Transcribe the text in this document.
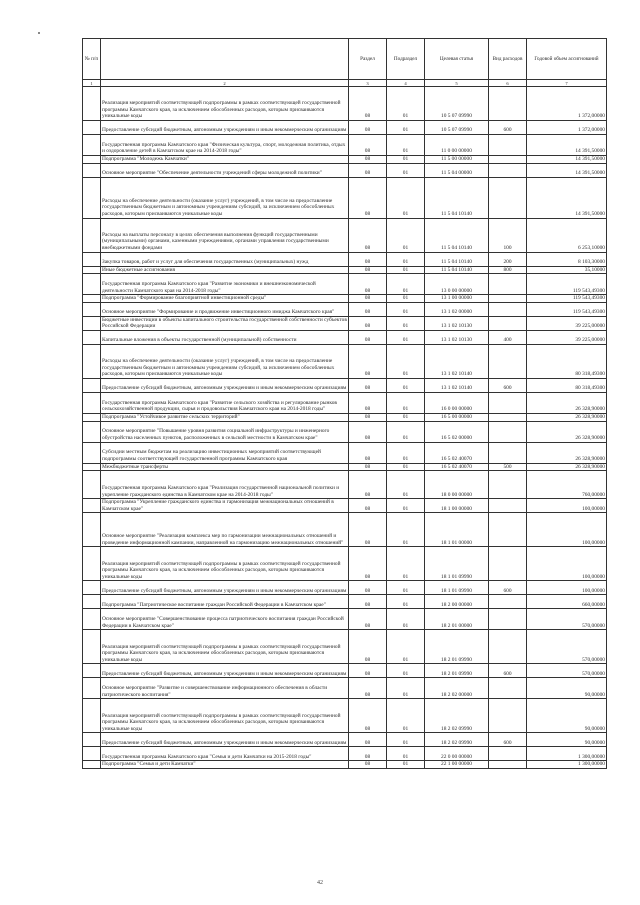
№ п/п		Раздел	Подраздел	Целевая статья	Вид расходов	Годовой объем ассигнований
1	2	3	4	5	6	7
	Реализация мероприятий соответствующей подпрограммы в рамках соответствующей государственной программы Камчатского края, за исключением обособленных расходов, которым присваиваются уникальные коды	08	01	10 5 07 09990		1 372,00000
	Предоставление субсидий бюджетным, автономным учреждениям и иным некоммерческим организациям	08	01	10 5 07 09990	600	1 372,00000
	Государственная программа Камчатского края "Физическая культура, спорт, молодежная политика, отдых и оздоровление детей в Камчатском крае на 2014-2018 годы"	08	01	11 0 00 00000		14 391,50000
	Подпрограмма "Молодежь Камчатки"	08	01	11 5 00 00000		14 391,50000
	Основное мероприятие "Обеспечение деятельности учреждений сферы молодежной политики"	08	01	11 5 04 00000		14 391,50000
	Расходы на обеспечение деятельности (оказание услуг) учреждений, в том числе на предоставление государственным бюджетным и автономным учреждениям субсидий, за исключением обособленных расходов, которым присваиваются уникальные коды	08	01	11 5 04 10140		14 391,50000
	Расходы на выплаты персоналу в целях обеспечения выполнения функций государственными (муниципальными) органами, казенными учреждениями, органами управления государственными внебюджетными фондами	08	01	11 5 04 10140	100	6 253,10000
	Закупка товаров, работ и услуг для обеспечения государственных (муниципальных) нужд	08	01	11 5 04 10140	200	8 103,30000
	Иные бюджетные ассигнования	08	01	11 5 04 10140	800	35,10000
	Государственная программа Камчатского края "Развитие экономики и внешнеэкономической деятельности Камчатского края на 2014-2018 годы"	08	01	13 0 00 00000		119 543,49300
	Подпрограмма "Формирование благоприятной инвестиционной среды"	08	01	13 1 00 00000		119 543,49300
	Основное мероприятие "Формирование и продвижение инвестиционного имиджа Камчатского края"	08	01	13 1 02 00000		119 543,49300
	Бюджетные инвестиции в объекты капитального строительства государственной собственности субъектов Российской Федерации	08	01	13 1 02 10130		39 225,00000
	Капитальные вложения в объекты государственной (муниципальной) собственности	08	01	13 1 02 10130	400	39 225,00000
	Расходы на обеспечение деятельности (оказание услуг) учреждений, в том числе на предоставление государственным бюджетным и автономным учреждениям субсидий, за исключением обособленных расходов, которым присваиваются уникальные коды	08	01	13 1 02 10140		80 318,49300
	Предоставление субсидий бюджетным, автономным учреждениям и иным некоммерческим организациям	08	01	13 1 02 10140	600	80 318,49300
	Государственная программа Камчатского края "Развитие сельского хозяйства и регулирование рынков сельскохозяйственной продукции, сырья и продовольствия Камчатского края на 2014-2018 годы"	08	01	16 0 00 00000		26 328,90000
	Подпрограмма "Устойчивое развитие сельских территорий"	08	01	16 5 00 00000		26 328,90000
	Основное мероприятие "Повышение уровня развития социальной инфраструктуры и инженерного обустройства населенных пунктов, расположенных в сельской местности в Камчатском крае"	08	01	16 5 02 00000		26 328,90000
	Субсидии местным бюджетам на реализацию инвестиционных мероприятий соответствующей подпрограммы соответствующей государственной программы Камчатского края	08	01	16 5 02 40070		26 328,90000
	Межбюджетные трансферты	08	01	16 5 02 40070	500	26 328,90000
	Государственная программа Камчатского края "Реализация государственной национальной политики и укрепление гражданского единства в Камчатском крае на 2014-2018 годы"	08	01	18 0 00 00000		760,00000
	Подпрограмма "Укрепление гражданского единства и гармонизация межнациональных отношений в Камчатском крае"	08	01	18 1 00 00000		100,00000
	Основное мероприятие "Реализация комплекса мер по гармонизации межнациональных отношений и проведение информационной кампании, направленной на гармонизацию межнациональных отношений"	08	01	18 1 01 00000		100,00000
	Реализация мероприятий соответствующей подпрограммы в рамках соответствующей государственной программы Камчатского края, за исключением обособленных расходов, которым присваиваются уникальные коды	08	01	18 1 01 09990		100,00000
	Предоставление субсидий бюджетным, автономным учреждениям и иным некоммерческим организациям	08	01	18 1 01 09990	600	100,00000
	Подпрограмма "Патриотическое воспитание граждан Российской Федерации в Камчатском крае"	08	01	18 2 00 00000		660,00000
	Основное мероприятие "Совершенствование процесса патриотического воспитания граждан Российской Федерации в Камчатском крае"	08	01	18 2 01 00000		570,00000
	Реализация мероприятий соответствующей подпрограммы в рамках соответствующей государственной программы Камчатского края, за исключением обособленных расходов, которым присваиваются уникальные коды	08	01	18 2 01 09990		570,00000
	Предоставление субсидий бюджетным, автономным учреждениям и иным некоммерческим организациям	08	01	18 2 01 09990	600	570,00000
	Основное мероприятие "Развитие и совершенствование информационного обеспечения в области патриотического воспитания"	08	01	18 2 02 00000		90,00000
	Реализация мероприятий соответствующей подпрограммы в рамках соответствующей государственной программы Камчатского края, за исключением обособленных расходов, которым присваиваются уникальные коды	08	01	18 2 02 09990		90,00000
	Предоставление субсидий бюджетным, автономным учреждениям и иным некоммерческим организациям	08	01	18 2 02 09990	600	90,00000
	Государственная программа Камчатского края "Семья и дети Камчатки на 2015-2018 годы"	08	01	22 0 00 00000		1 300,00000
	Подпрограмма "Семья и дети Камчатки"	08	01	22 1 00 00000		1 300,00000
42
